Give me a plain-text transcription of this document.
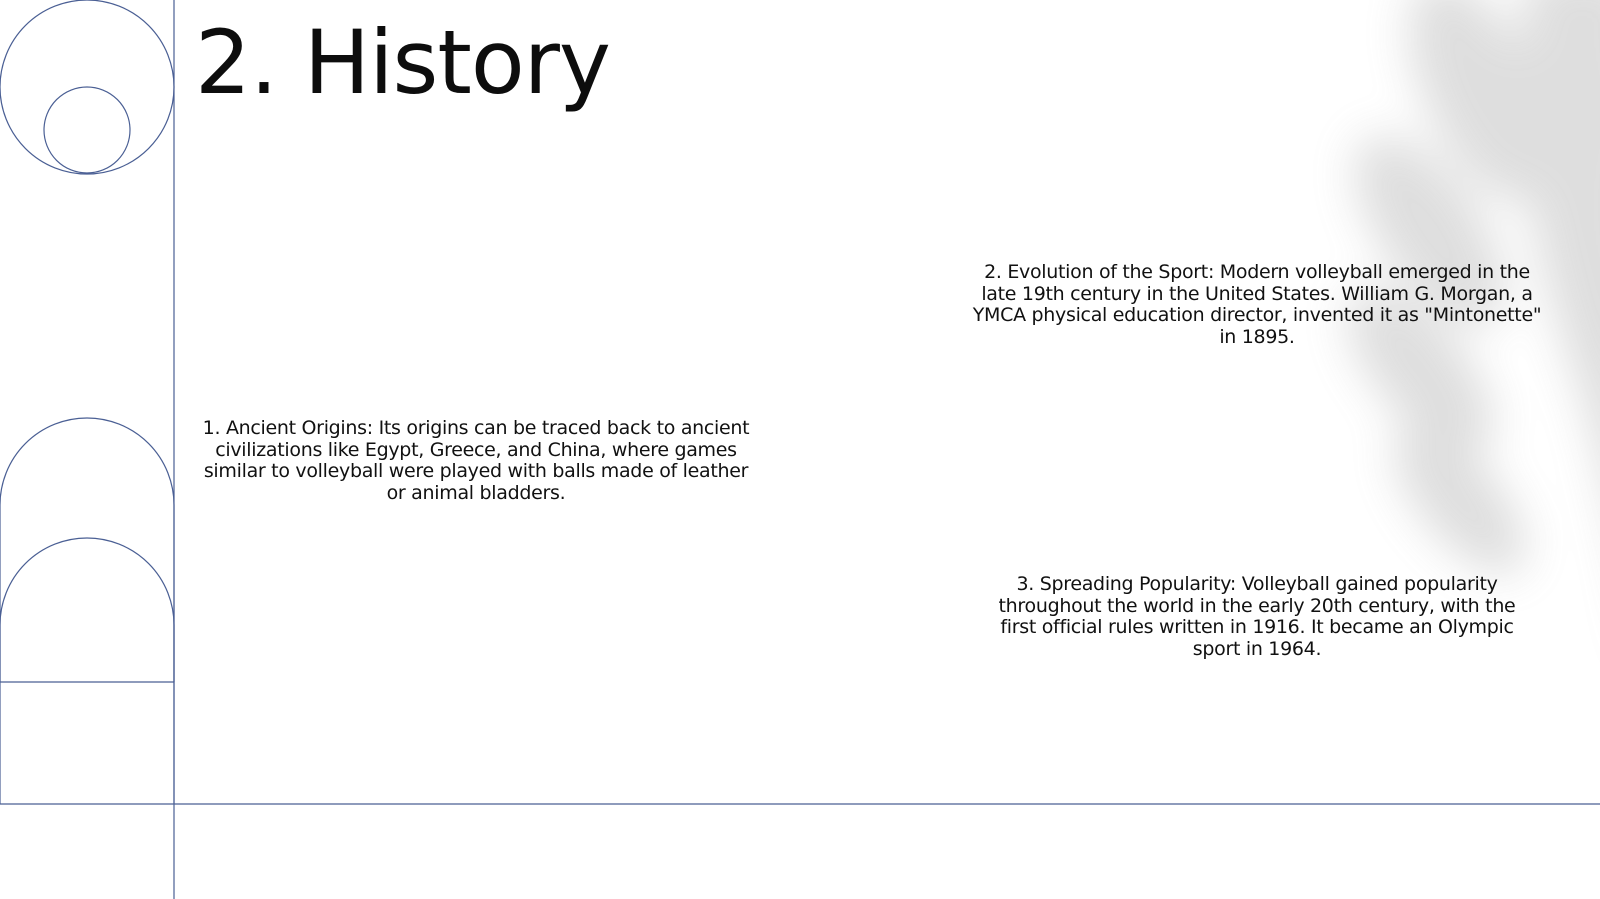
2. History

1. Ancient Origins: Its origins can be traced back to ancient civilizations like Egypt, Greece, and China, where games similar to volleyball were played with balls made of leather or animal bladders.

2. Evolution of the Sport: Modern volleyball emerged in the late 19th century in the United States. William G. Morgan, a YMCA physical education director, invented it as "Mintonette" in 1895.

3. Spreading Popularity: Volleyball gained popularity throughout the world in the early 20th century, with the first official rules written in 1916. It became an Olympic sport in 1964.
